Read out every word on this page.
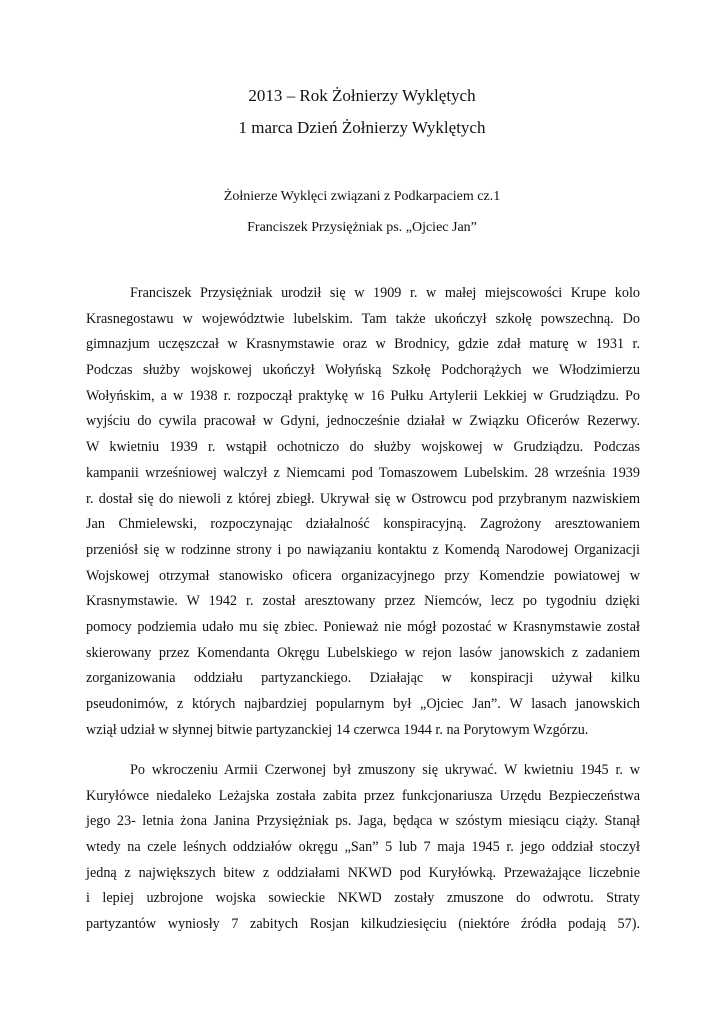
2013 – Rok Żołnierzy Wyklętych
1 marca Dzień Żołnierzy Wyklętych
Żołnierze Wyklęci związani z Podkarpaciem cz.1
Franciszek Przysiężniak ps. „Ojciec Jan”
Franciszek Przysiężniak urodził się w 1909 r. w małej miejscowości Krupe kolo
Krasnegostawu w województwie lubelskim. Tam także ukończył szkołę powszechną. Do
gimnazjum uczęszczał w Krasnymstawie oraz w Brodnicy, gdzie zdał maturę w 1931 r.
Podczas służby wojskowej ukończył Wołyńską Szkołę Podchorążych we Włodzimierzu
Wołyńskim, a w 1938 r. rozpoczął praktykę w 16 Pułku Artylerii Lekkiej w Grudziądzu. Po
wyjściu do cywila pracował w Gdyni, jednocześnie działał w Związku Oficerów Rezerwy.
W kwietniu 1939 r. wstąpił ochotniczo do służby wojskowej w Grudziądzu. Podczas
kampanii wrześniowej walczył z Niemcami pod Tomaszowem Lubelskim. 28 września 1939
r. dostał się do niewoli z której zbiegł. Ukrywał się w Ostrowcu pod przybranym nazwiskiem
Jan Chmielewski, rozpoczynając działalność konspiracyjną. Zagrożony aresztowaniem
przeniósł się w rodzinne strony i po nawiązaniu kontaktu z Komendą Narodowej Organizacji
Wojskowej otrzymał stanowisko oficera organizacyjnego przy Komendzie powiatowej w
Krasnymstawie. W 1942 r. został aresztowany przez Niemców, lecz po tygodniu dzięki
pomocy podziemia udało mu się zbiec. Ponieważ nie mógł pozostać w Krasnymstawie został
skierowany przez Komendanta Okręgu Lubelskiego w rejon lasów janowskich z zadaniem
zorganizowania oddziału partyzanckiego. Działając w konspiracji używał kilku
pseudonimów, z których najbardziej popularnym był „Ojciec Jan”. W lasach janowskich
wziął udział w słynnej bitwie partyzanckiej 14 czerwca 1944 r. na Porytowym Wzgórzu.
Po wkroczeniu Armii Czerwonej był zmuszony się ukrywać. W kwietniu 1945 r. w
Kuryłówce niedaleko Leżajska została zabita przez funkcjonariusza Urzędu Bezpieczeństwa
jego 23- letnia żona Janina Przysiężniak ps. Jaga, będąca w szóstym miesiącu ciąży. Stanął
wtedy na czele leśnych oddziałów okręgu „San” 5 lub 7 maja 1945 r. jego oddział stoczył
jedną z największych bitew z oddziałami NKWD pod Kuryłówką. Przeważające liczebnie
i lepiej uzbrojone wojska sowieckie NKWD zostały zmuszone do odwrotu. Straty
partyzantów wyniosły 7 zabitych Rosjan kilkudziesięciu (niektóre źródła podają 57).
